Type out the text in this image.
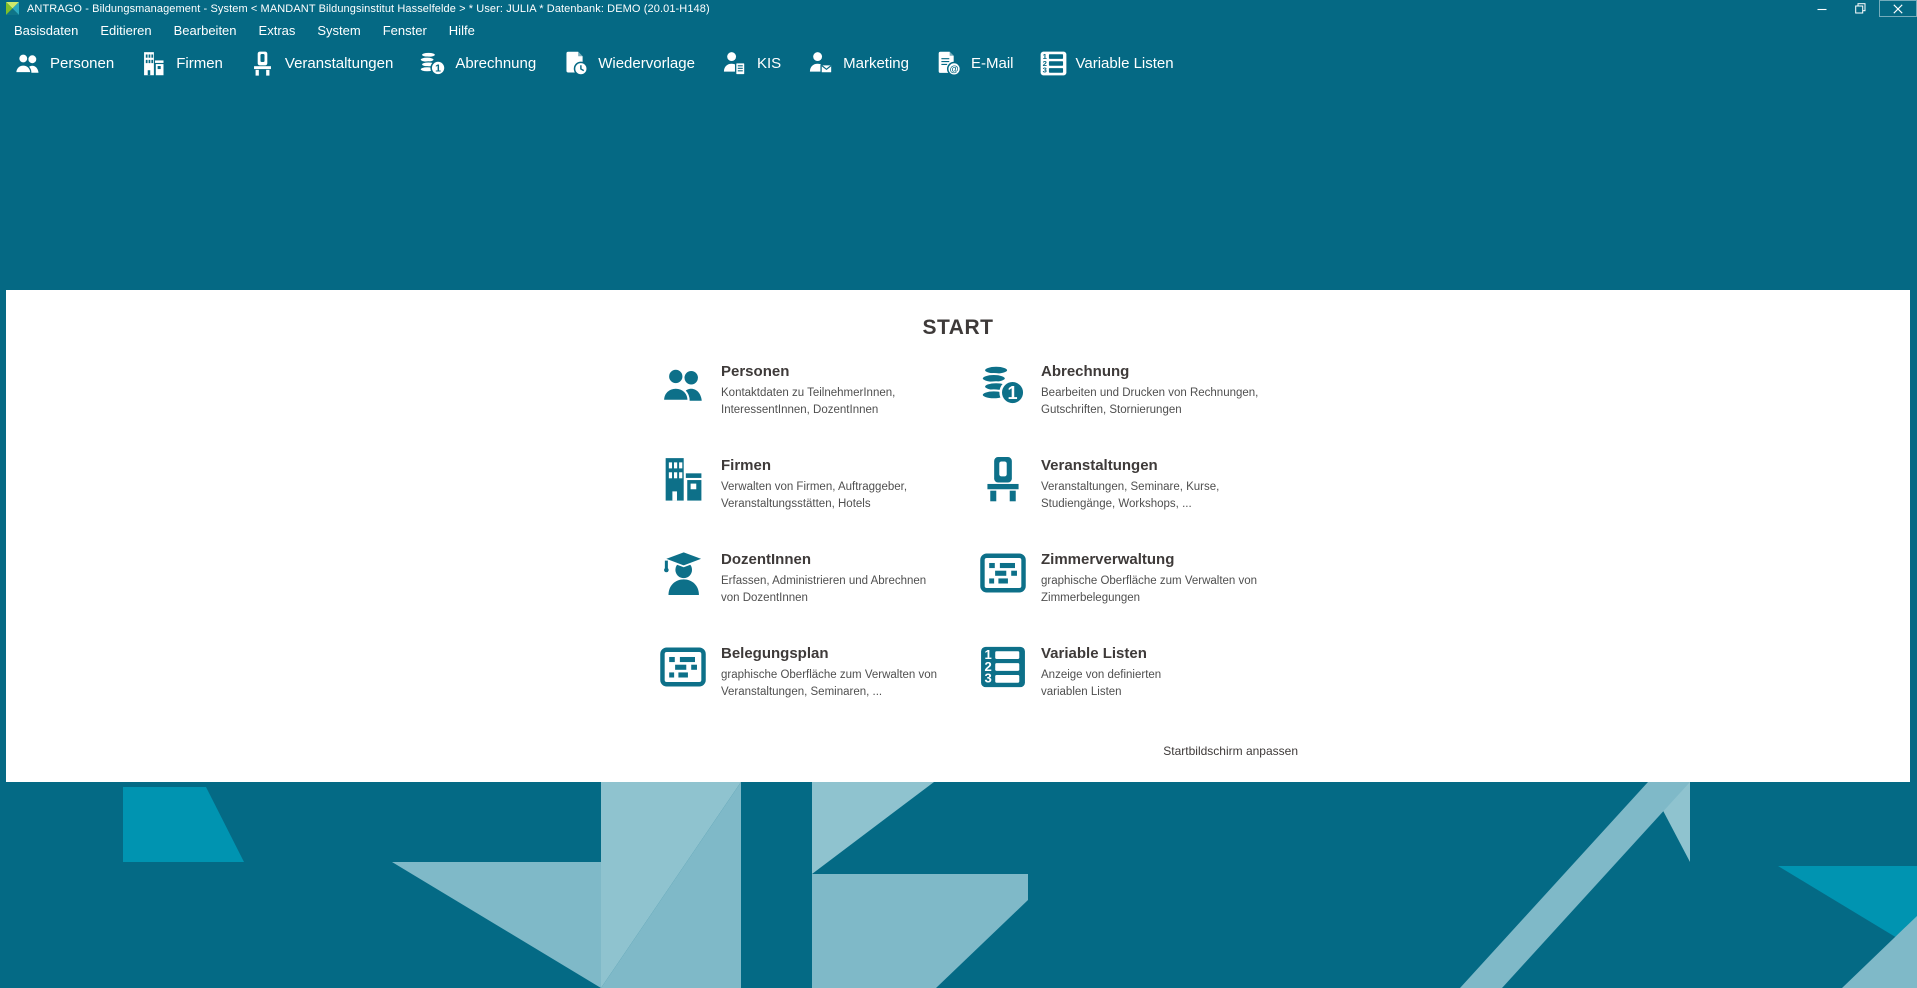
ANTRAGO - Bildungsmanagement - System < MANDANT Bildungsinstitut Hasselfelde > * User: JULIA * Datenbank: DEMO (20.01-H148)
Basisdaten	Editieren	Bearbeiten	Extras	System	Fenster	Hilfe
Personen	Firmen	Veranstaltungen	1 Abrechnung	Wiedervorlage	KIS	Marketing	@ E-Mail	1
2
3 Variable Listen
START
Personen
Kontaktdaten zu TeilnehmerInnen,
InteressentInnen, DozentInnen
1
Abrechnung
Bearbeiten und Drucken von Rechnungen,
Gutschriften, Stornierungen
Firmen
Verwalten von Firmen, Auftraggeber,
Veranstaltungsstätten, Hotels
Veranstaltungen
Veranstaltungen, Seminare, Kurse,
Studiengänge, Workshops, ...
DozentInnen
Erfassen, Administrieren und Abrechnen
von DozentInnen
Zimmerverwaltung
graphische Oberfläche zum Verwalten von
Zimmerbelegungen
Belegungsplan
graphische Oberfläche zum Verwalten von
Veranstaltungen, Seminaren, ...
1
2
3
Variable Listen
Anzeige von definierten
variablen Listen
Startbildschirm anpassen
